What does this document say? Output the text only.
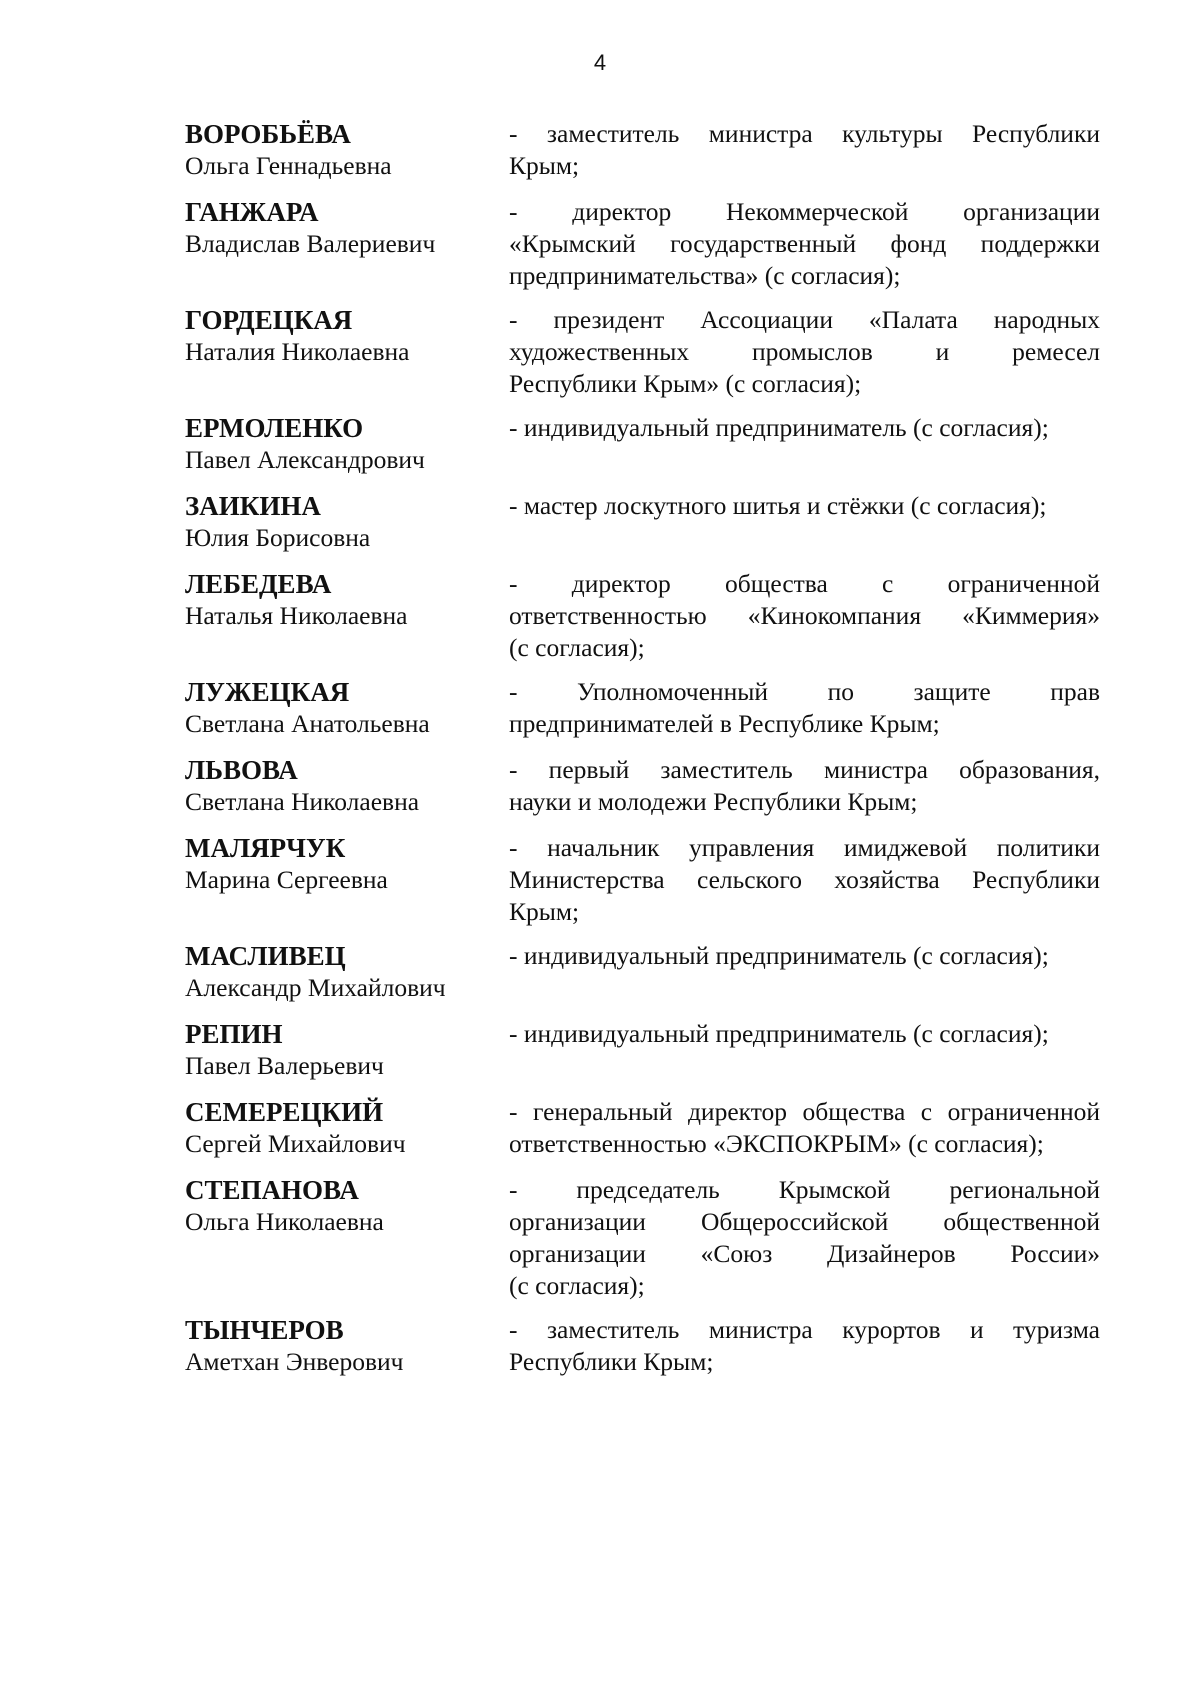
4
ВОРОБЬЁВА
Ольга Геннадьевна
- заместитель министра культуры Республики
Крым;
ГАНЖАРА
Владислав Валериевич
- директор Некоммерческой организации
«Крымский государственный фонд поддержки
предпринимательства» (с согласия);
ГОРДЕЦКАЯ
Наталия Николаевна
- президент Ассоциации «Палата народных
художественных промыслов и ремесел
Республики Крым» (с согласия);
ЕРМОЛЕНКО
Павел Александрович
- индивидуальный предприниматель (с согласия);
ЗАИКИНА
Юлия Борисовна
- мастер лоскутного шитья и стёжки (с согласия);
ЛЕБЕДЕВА
Наталья Николаевна
- директор общества с ограниченной
ответственностью «Кинокомпания «Киммерия»
(с согласия);
ЛУЖЕЦКАЯ
Светлана Анатольевна
- Уполномоченный по защите прав
предпринимателей в Республике Крым;
ЛЬВОВА
Светлана Николаевна
- первый заместитель министра образования,
науки и молодежи Республики Крым;
МАЛЯРЧУК
Марина Сергеевна
- начальник управления имиджевой политики
Министерства сельского хозяйства Республики
Крым;
МАСЛИВЕЦ
Александр Михайлович
- индивидуальный предприниматель (с согласия);
РЕПИН
Павел Валерьевич
- индивидуальный предприниматель (с согласия);
СЕМЕРЕЦКИЙ
Сергей Михайлович
- генеральный директор общества с ограниченной
ответственностью «ЭКСПОКРЫМ» (с согласия);
СТЕПАНОВА
Ольга Николаевна
- председатель Крымской региональной
организации Общероссийской общественной
организации «Союз Дизайнеров России»
(с согласия);
ТЫНЧЕРОВ
Аметхан Энверович
- заместитель министра курортов и туризма
Республики Крым;
